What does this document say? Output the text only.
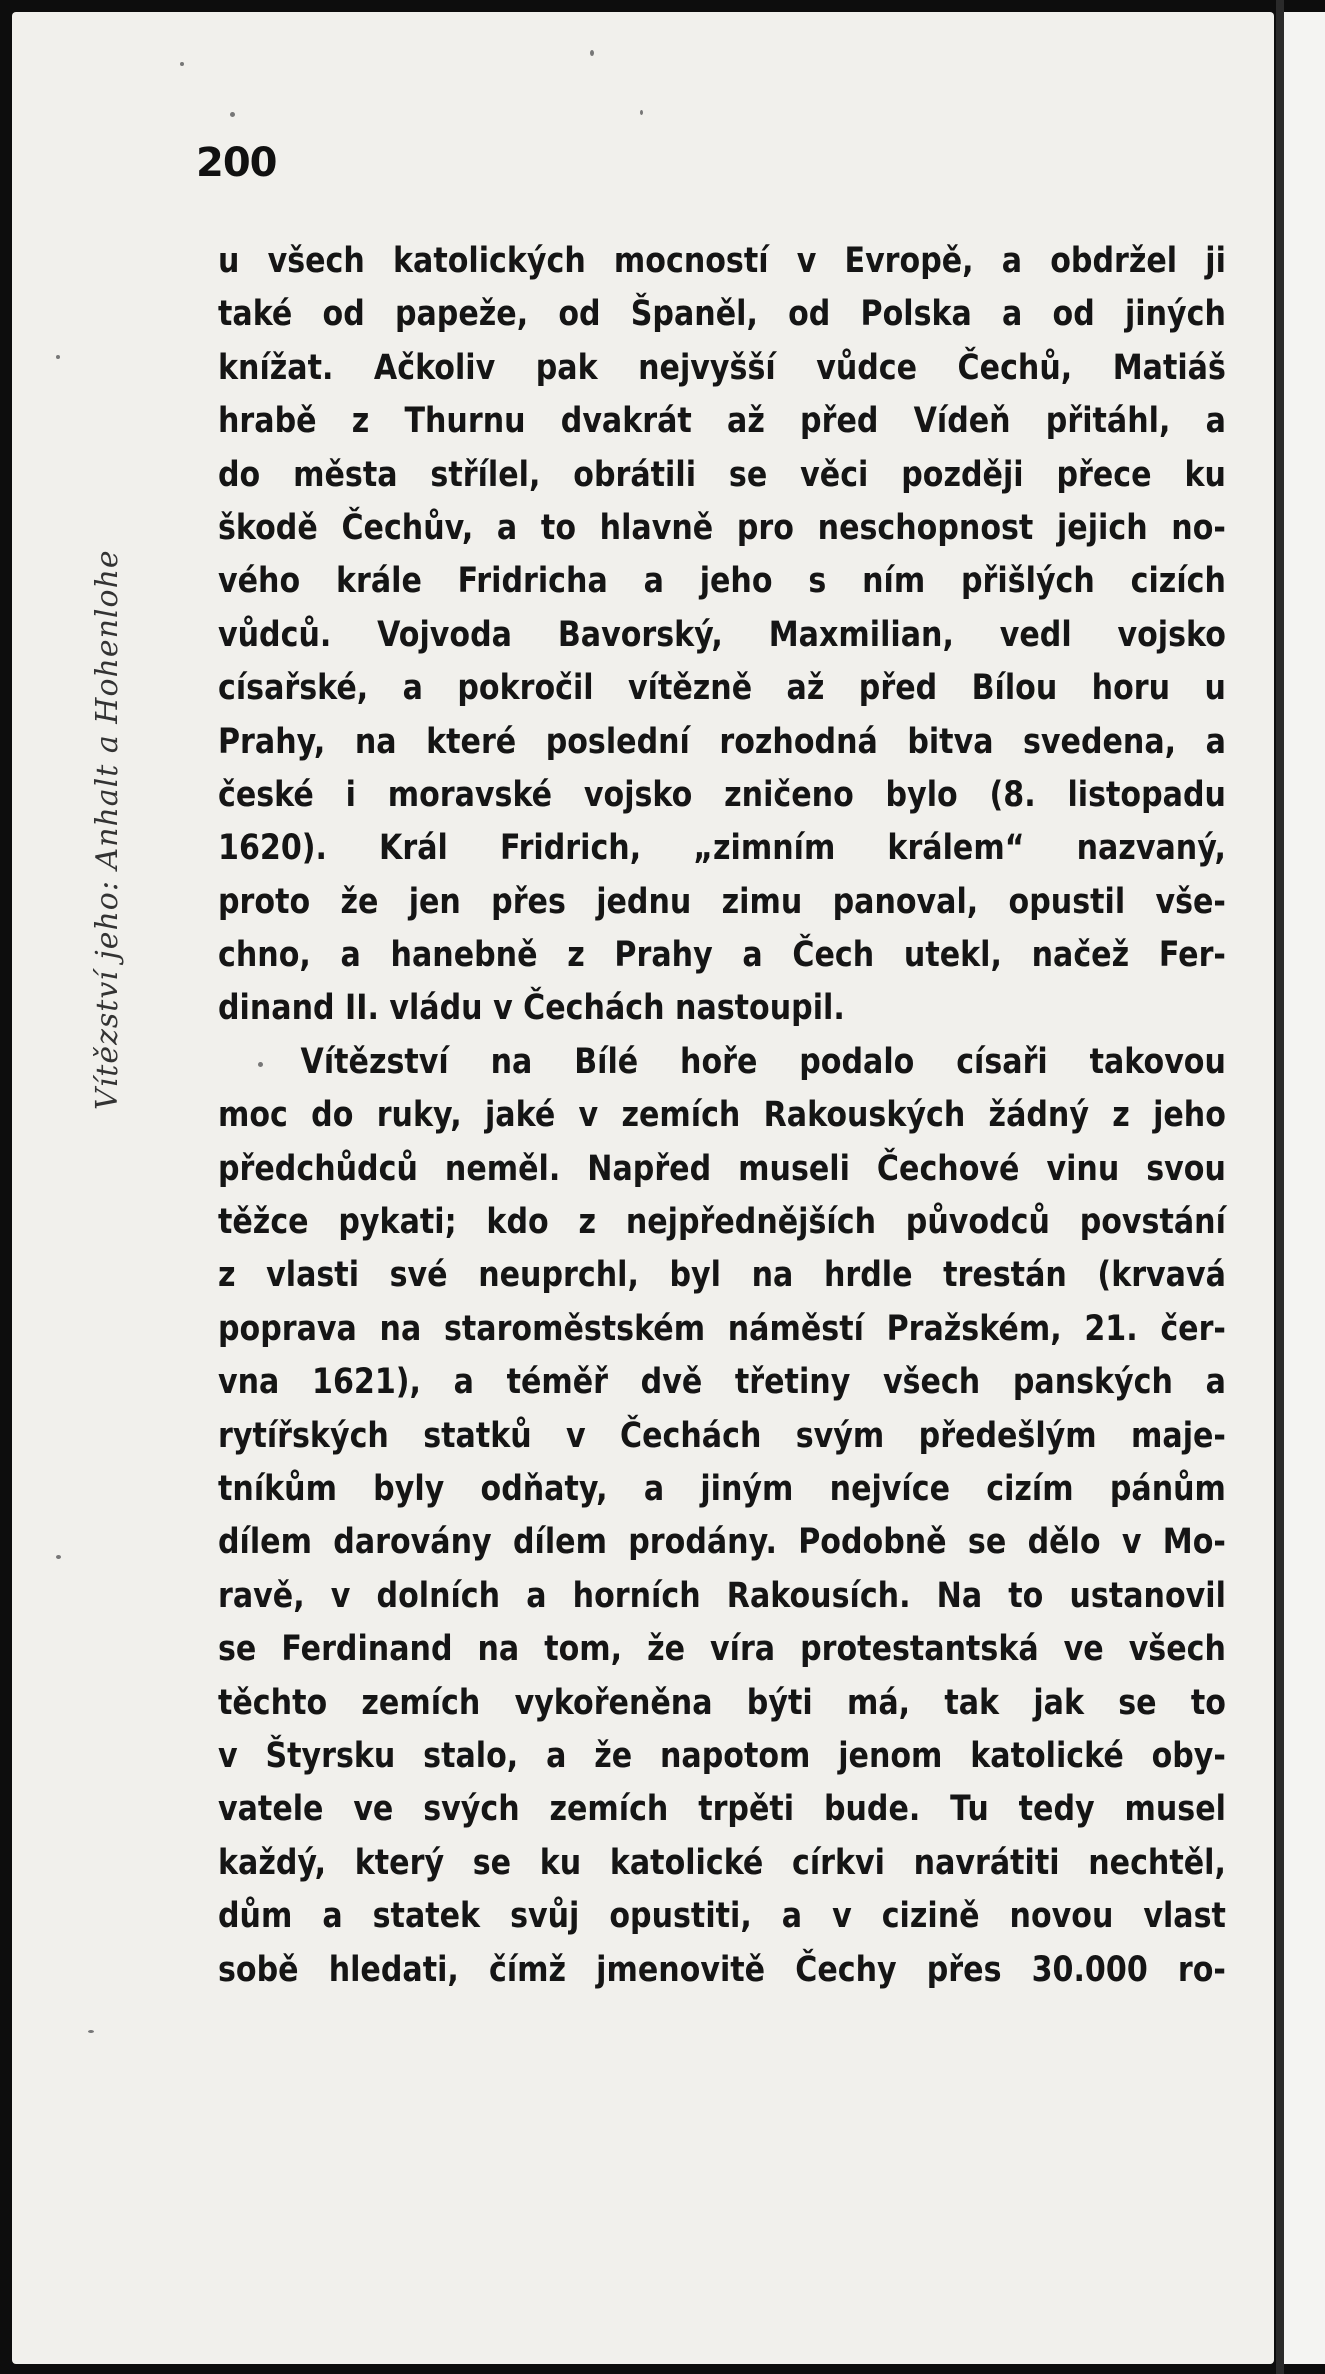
200
Vítězství jeho: Anhalt a Hohenlohe
u všech katolických mocností v Evropě, a obdržel ji
také od papeže, od Španěl, od Polska a od jiných
knížat. Ačkoliv pak nejvyšší vůdce Čechů, Matiáš
hrabě z Thurnu dvakrát až před Vídeň přitáhl, a
do města střílel, obrátili se věci později přece ku
škodě Čechův, a to hlavně pro neschopnost jejich no-
vého krále Fridricha a jeho s ním přišlých cizích
vůdců. Vojvoda Bavorský, Maxmilian, vedl vojsko
císařské, a pokročil vítězně až před Bílou horu u
Prahy, na které poslední rozhodná bitva svedena, a
české i moravské vojsko zničeno bylo (8. listopadu
1620). Král Fridrich, „zimním králem“ nazvaný,
proto že jen přes jednu zimu panoval, opustil vše-
chno, a hanebně z Prahy a Čech utekl, načež Fer-
dinand II. vládu v Čechách nastoupil.
Vítězství na Bílé hoře podalo císaři takovou
moc do ruky, jaké v zemích Rakouských žádný z jeho
předchůdců neměl. Napřed museli Čechové vinu svou
těžce pykati; kdo z nejpřednějších původců povstání
z vlasti své neuprchl, byl na hrdle trestán (krvavá
poprava na staroměstském náměstí Pražském, 21. čer-
vna 1621), a téměř dvě třetiny všech panských a
rytířských statků v Čechách svým předešlým maje-
tníkům byly odňaty, a jiným nejvíce cizím pánům
dílem darovány dílem prodány. Podobně se dělo v Mo-
ravě, v dolních a horních Rakousích. Na to ustanovil
se Ferdinand na tom, že víra protestantská ve všech
těchto zemích vykořeněna býti má, tak jak se to
v Štyrsku stalo, a že napotom jenom katolické oby-
vatele ve svých zemích trpěti bude. Tu tedy musel
každý, který se ku katolické církvi navrátiti nechtěl,
dům a statek svůj opustiti, a v cizině novou vlast
sobě hledati, čímž jmenovitě Čechy přes 30.000 ro-
